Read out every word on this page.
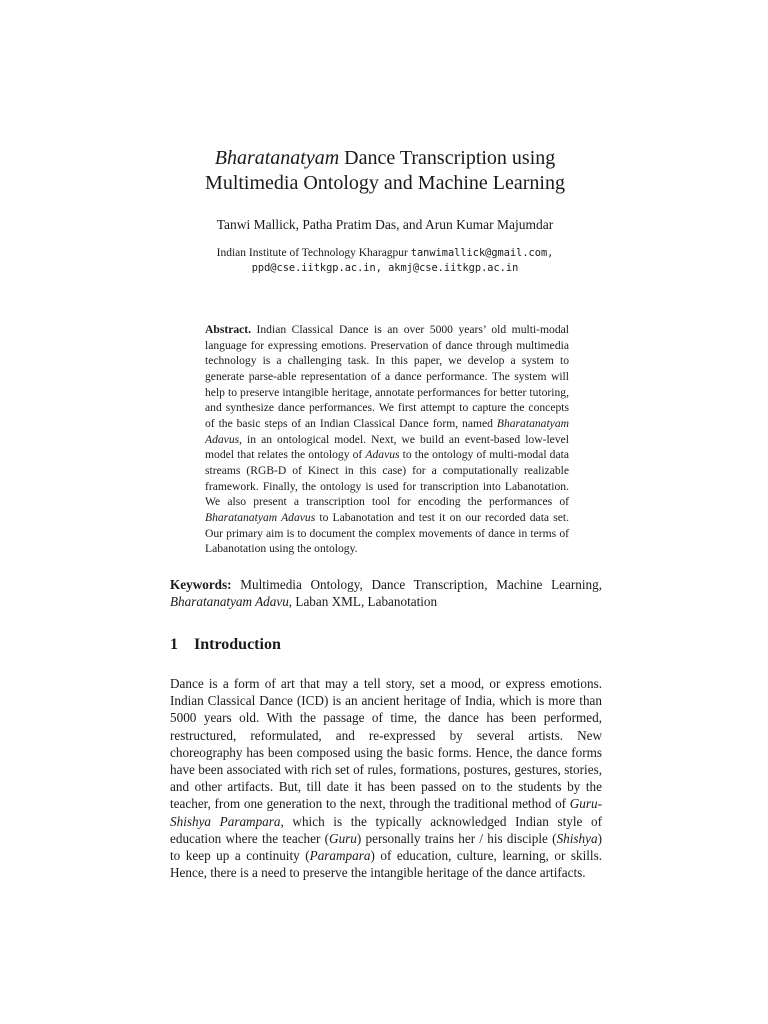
Bharatanatyam Dance Transcription using
Multimedia Ontology and Machine Learning

Tanwi Mallick, Patha Pratim Das, and Arun Kumar Majumdar

Indian Institute of Technology Kharagpur tanwimallick@gmail.com,
ppd@cse.iitkgp.ac.in, akmj@cse.iitkgp.ac.in

Abstract. Indian Classical Dance is an over 5000 years’ old multi-modal language for expressing emotions. Preservation of dance through multimedia technology is a challenging task. In this paper, we develop a system to generate parse-able representation of a dance performance. The system will help to preserve intangible heritage, annotate performances for better tutoring, and synthesize dance performances. We first attempt to capture the concepts of the basic steps of an Indian Classical Dance form, named Bharatanatyam Adavus, in an ontological model. Next, we build an event-based low-level model that relates the ontology of Adavus to the ontology of multi-modal data streams (RGB-D of Kinect in this case) for a computationally realizable framework. Finally, the ontology is used for transcription into Labanotation. We also present a transcription tool for encoding the performances of Bharatanatyam Adavus to Labanotation and test it on our recorded data set. Our primary aim is to document the complex movements of dance in terms of Labanotation using the ontology.

Keywords: Multimedia Ontology, Dance Transcription, Machine Learning, Bharatanatyam Adavu, Laban XML, Labanotation

1 Introduction

Dance is a form of art that may a tell story, set a mood, or express emotions. Indian Classical Dance (ICD) is an ancient heritage of India, which is more than 5000 years old. With the passage of time, the dance has been performed, restructured, reformulated, and re-expressed by several artists. New choreography has been composed using the basic forms. Hence, the dance forms have been associated with rich set of rules, formations, postures, gestures, stories, and other artifacts. But, till date it has been passed on to the students by the teacher, from one generation to the next, through the traditional method of Guru-Shishya Parampara, which is the typically acknowledged Indian style of education where the teacher (Guru) personally trains her / his disciple (Shishya) to keep up a continuity (Parampara) of education, culture, learning, or skills. Hence, there is a need to preserve the intangible heritage of the dance artifacts.
